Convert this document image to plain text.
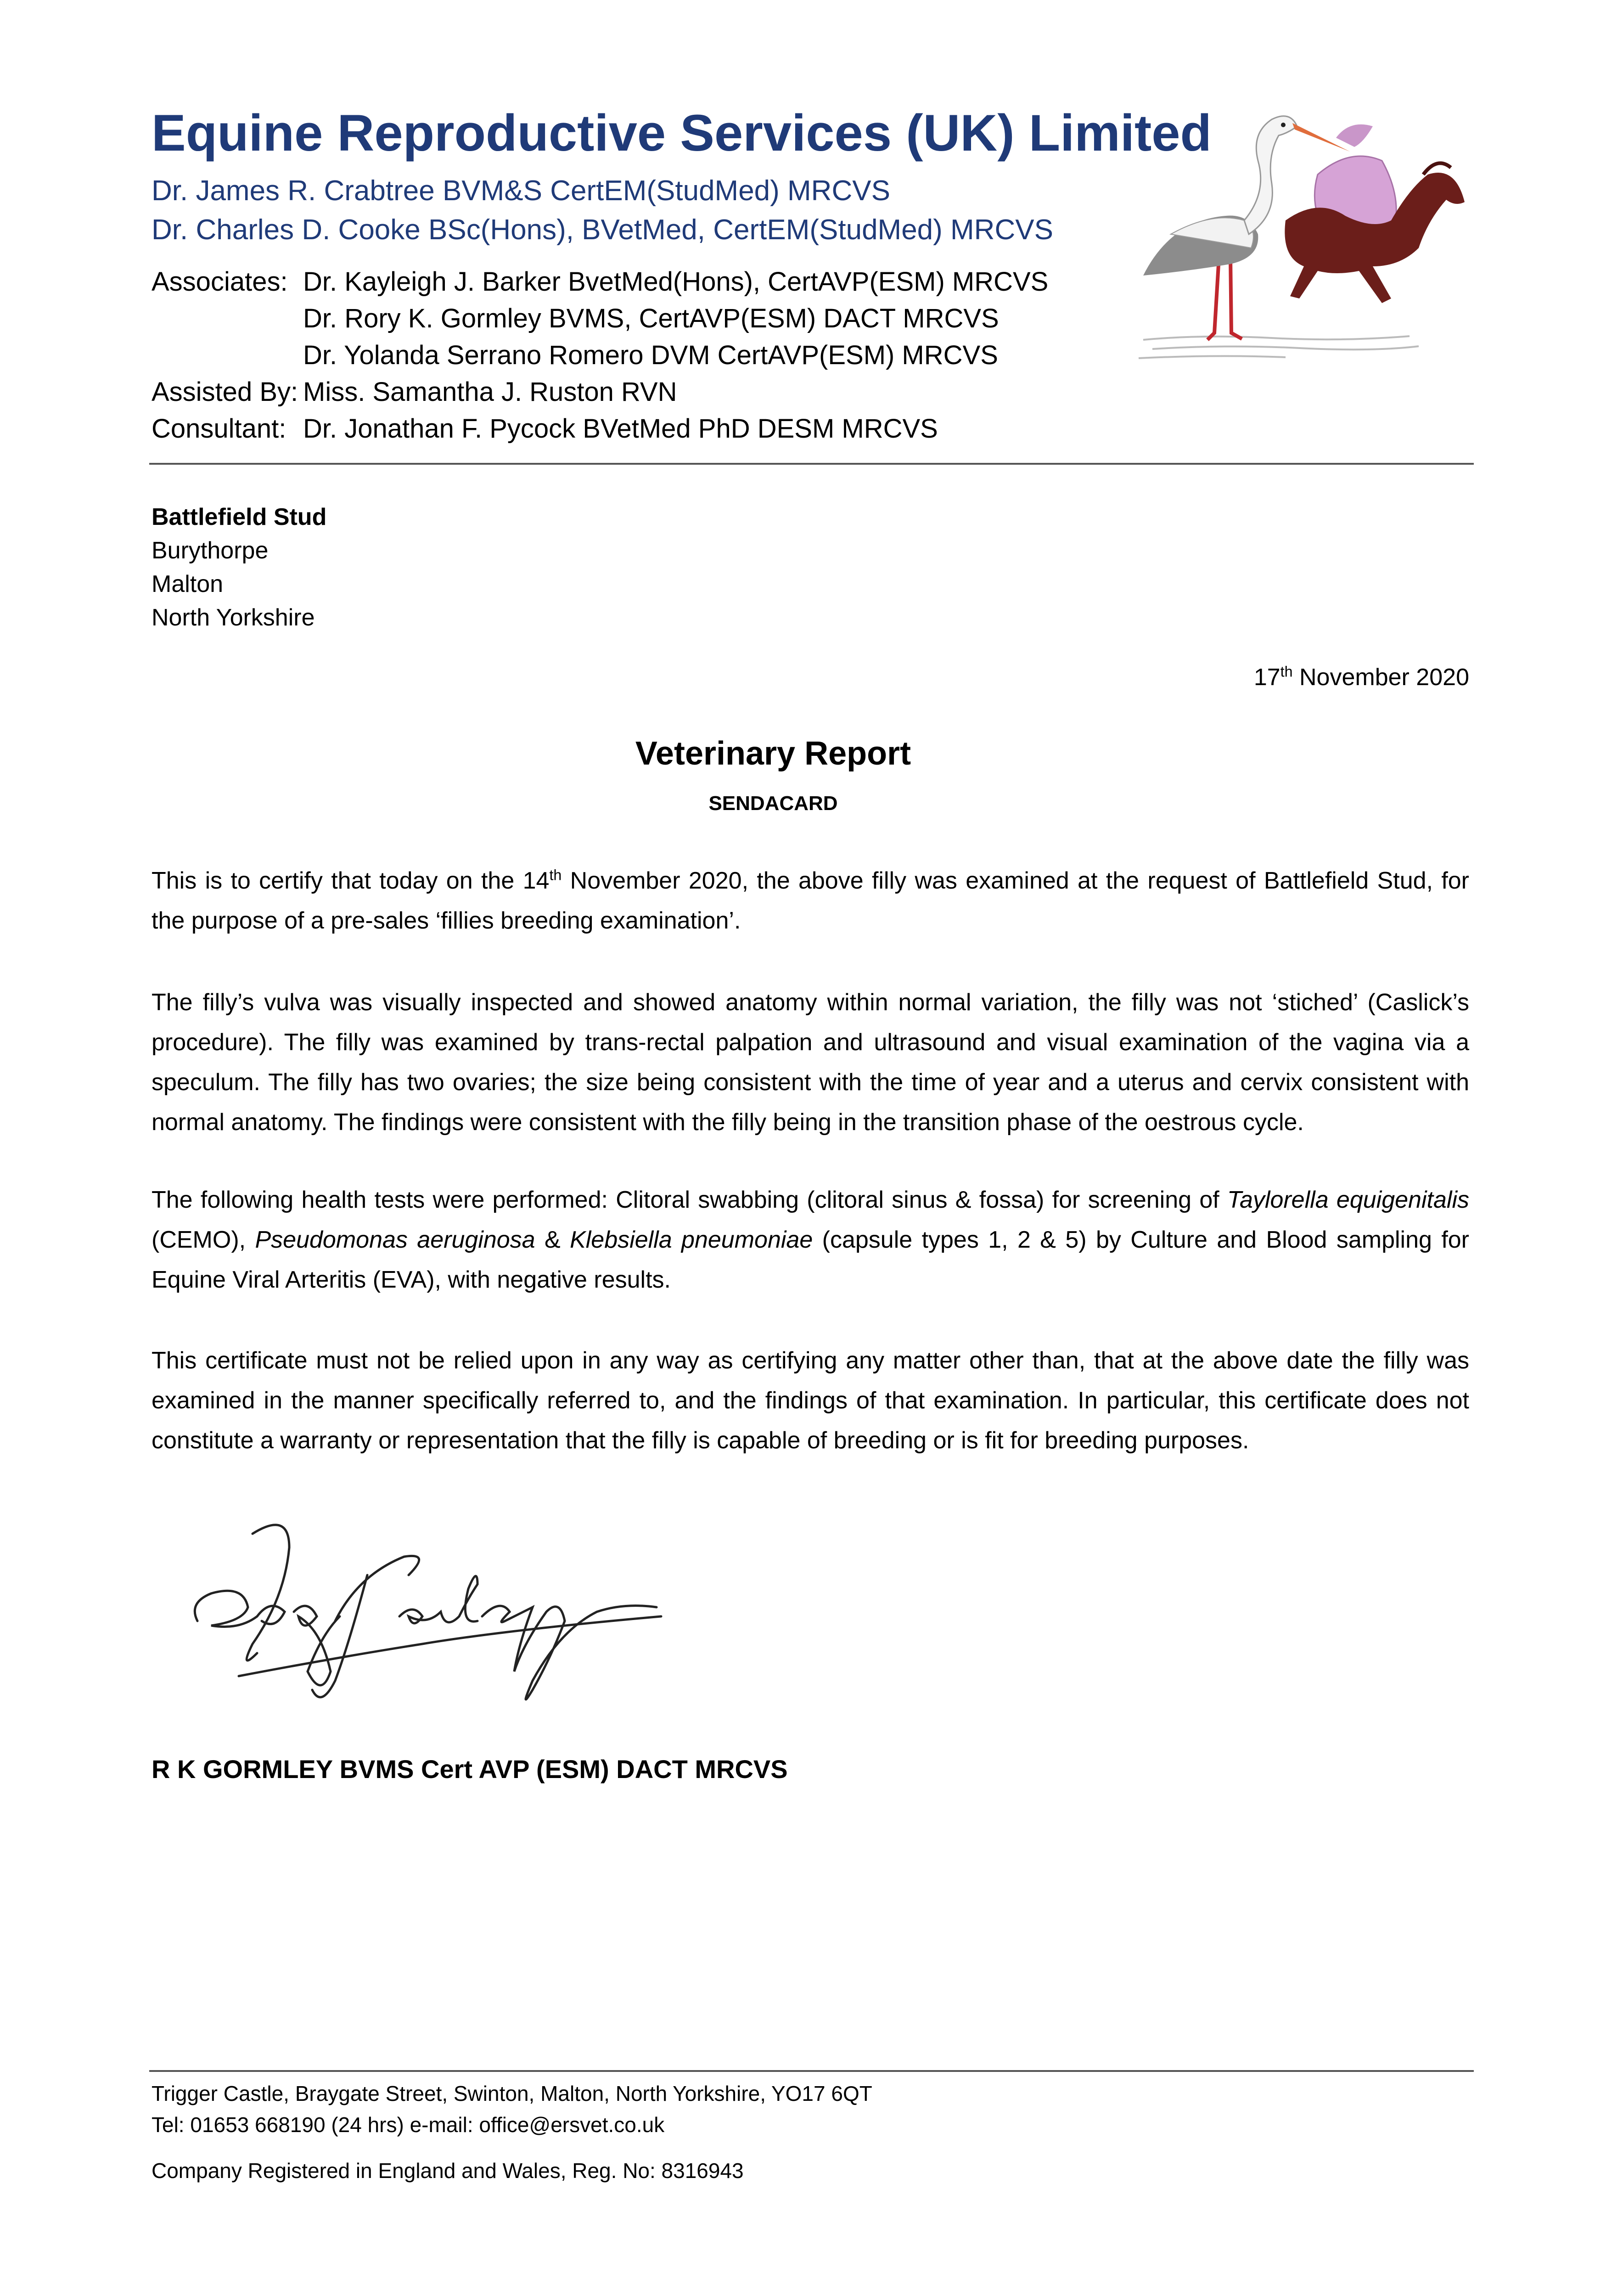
Equine Reproductive Services (UK) Limited
Dr. James R. Crabtree BVM&S CertEM(StudMed) MRCVS
Dr. Charles D. Cooke BSc(Hons), BVetMed, CertEM(StudMed) MRCVS
Associates: Dr. Kayleigh J. Barker BvetMed(Hons), CertAVP(ESM) MRCVS
Dr. Rory K. Gormley BVMS, CertAVP(ESM) DACT MRCVS
Dr. Yolanda Serrano Romero DVM CertAVP(ESM) MRCVS
Assisted By: Miss. Samantha J. Ruston RVN
Consultant: Dr. Jonathan F. Pycock BVetMed PhD DESM MRCVS
Battlefield Stud
Burythorpe
Malton
North Yorkshire
17th November 2020
Veterinary Report
SENDACARD
This is to certify that today on the 14th November 2020, the above filly was examined at the request of Battlefield Stud, for the purpose of a pre-sales ‘fillies breeding examination’.
The filly’s vulva was visually inspected and showed anatomy within normal variation, the filly was not ‘stiched’ (Caslick’s procedure). The filly was examined by trans-rectal palpation and ultrasound and visual examination of the vagina via a speculum. The filly has two ovaries; the size being consistent with the time of year and a uterus and cervix consistent with normal anatomy. The findings were consistent with the filly being in the transition phase of the oestrous cycle.
The following health tests were performed: Clitoral swabbing (clitoral sinus & fossa) for screening of Taylorella equigenitalis (CEMO), Pseudomonas aeruginosa & Klebsiella pneumoniae (capsule types 1, 2 & 5) by Culture and Blood sampling for Equine Viral Arteritis (EVA), with negative results.
This certificate must not be relied upon in any way as certifying any matter other than, that at the above date the filly was examined in the manner specifically referred to, and the findings of that examination. In particular, this certificate does not constitute a warranty or representation that the filly is capable of breeding or is fit for breeding purposes.
R K GORMLEY BVMS Cert AVP (ESM) DACT MRCVS
Trigger Castle, Braygate Street, Swinton, Malton, North Yorkshire, YO17 6QT
Tel: 01653 668190 (24 hrs) e-mail: office@ersvet.co.uk
Company Registered in England and Wales, Reg. No: 8316943
